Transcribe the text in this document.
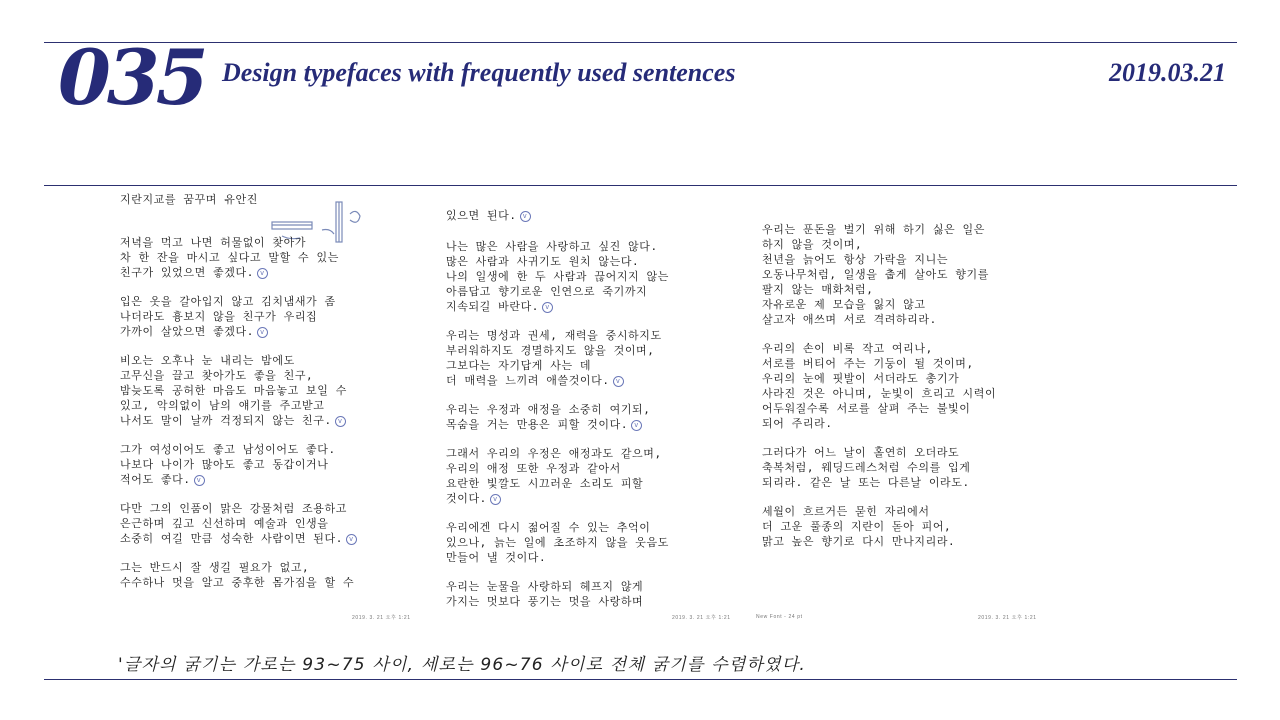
035 Design typefaces with frequently used sentences	2019.03.21
지란지교를 꿈꾸며 유안진
저녁을 먹고 나면 허물없이 찾아가
차 한 잔을 마시고 싶다고 말할 수 있는
친구가 있었으면 좋겠다. v
입은 옷을 갈아입지 않고 김치냄새가 좀
나더라도 흉보지 않을 친구가 우리집
가까이 살았으면 좋겠다. v
비오는 오후나 눈 내리는 밤에도
고무신을 끌고 찾아가도 좋을 친구,
밤늦도록 공허한 마음도 마음놓고 보일 수
있고, 악의없이 남의 얘기를 주고받고
나서도 말이 날까 걱정되지 않는 친구. v
그가 여성이어도 좋고 남성이어도 좋다.
나보다 나이가 많아도 좋고 동갑이거나
적어도 좋다. v
다만 그의 인품이 맑은 강물처럼 조용하고
은근하며 깊고 신선하며 예술과 인생을
소중히 여길 만큼 성숙한 사람이면 된다. v
그는 반드시 잘 생길 필요가 없고,
수수하나 멋을 알고 중후한 몸가짐을 할 수
2019. 3. 21 오후 1:21
있으면 된다. v
나는 많은 사람을 사랑하고 싶진 않다.
많은 사람과 사귀기도 원치 않는다.
나의 일생에 한 두 사람과 끊어지지 않는
아름답고 향기로운 인연으로 죽기까지
지속되길 바란다. v
우리는 명성과 권세, 재력을 중시하지도
부러워하지도 경멸하지도 않을 것이며,
그보다는 자기답게 사는 데
더 매력을 느끼려 애쓸것이다. v
우리는 우정과 애정을 소중히 여기되,
목숨을 거는 만용은 피할 것이다. v
그래서 우리의 우정은 애정과도 같으며,
우리의 애정 또한 우정과 같아서
요란한 빛깔도 시끄러운 소리도 피할
것이다. v
우리에겐 다시 젊어질 수 있는 추억이
있으나, 늙는 일에 초조하지 않을 웃음도
만들어 낼 것이다.
우리는 눈물을 사랑하되 헤프지 않게
가지는 멋보다 풍기는 멋을 사랑하며
2019. 3. 21 오후 1:21
우리는 푼돈을 벌기 위해 하기 싫은 일은
하지 않을 것이며,
천년을 늙어도 항상 가락을 지니는
오동나무처럼, 일생을 춥게 살아도 향기를
팔지 않는 매화처럼,
자유로운 제 모습을 잃지 않고
살고자 애쓰며 서로 격려하리라.
우리의 손이 비록 작고 여리나,
서로를 버티어 주는 기둥이 될 것이며,
우리의 눈에 핏발이 서더라도 총기가
사라진 것은 아니며, 눈빛이 흐리고 시력이
어두워질수록 서로를 살펴 주는 불빛이
되어 주리라.
그러다가 어느 날이 홀연히 오더라도
축복처럼, 웨딩드레스처럼 수의를 입게
되리라. 같은 날 또는 다른날 이라도.
세월이 흐르거든 묻힌 자리에서
더 고운 풀종의 지란이 돋아 피어,
맑고 높은 향기로 다시 만나지리라.
New Font - 24 pt	2019. 3. 21 오후 1:21
'글자의 굵기는 가로는 93~75 사이, 세로는 96~76 사이로 전체 굵기를 수렴하였다.
